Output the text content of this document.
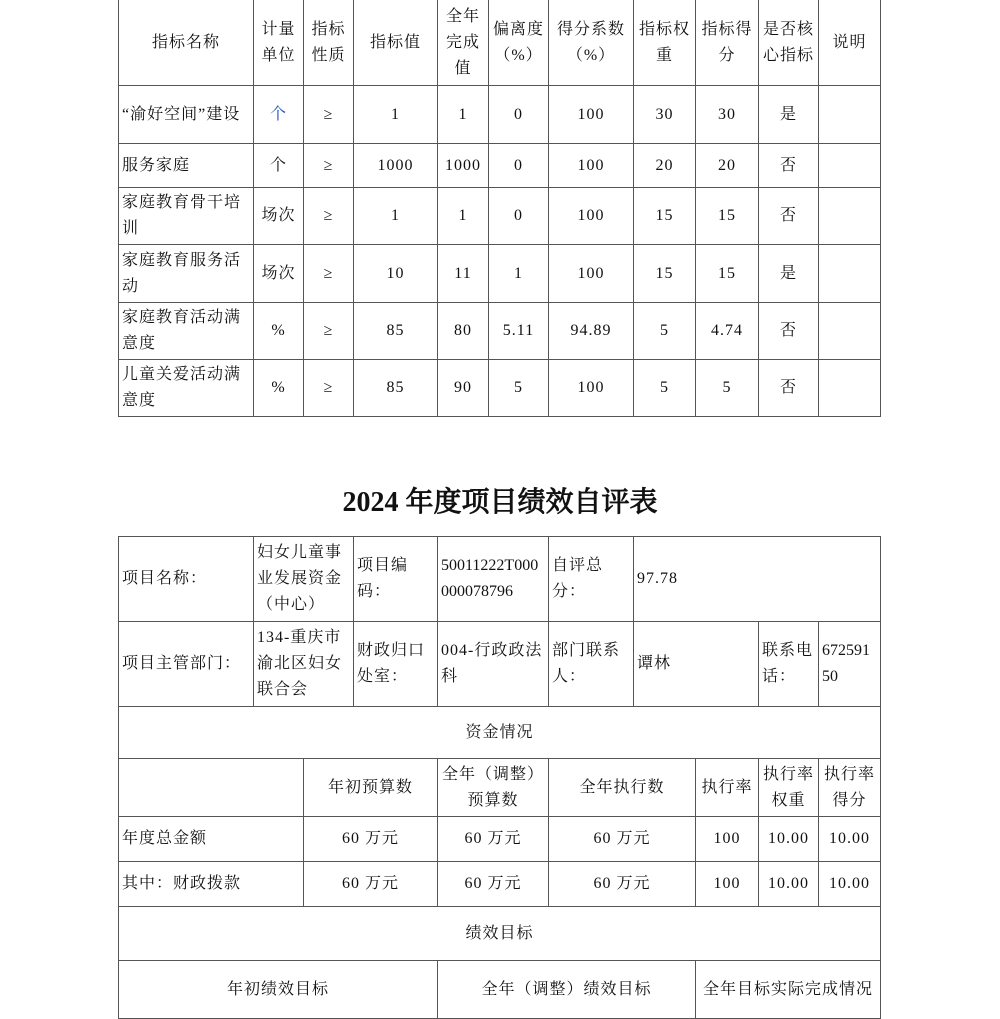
指标名称	计量单位	指标性质	指标值	全年完成值	偏离度（%）	得分系数（%）	指标权重	指标得分	是否核心指标	说明
“渝好空间”建设	个	≥	1	1	0	100	30	30	是	
服务家庭	个	≥	1000	1000	0	100	20	20	否	
家庭教育骨干培训	场次	≥	1	1	0	100	15	15	否	
家庭教育服务活动	场次	≥	10	11	1	100	15	15	是	
家庭教育活动满意度	%	≥	85	80	5.11	94.89	5	4.74	否	
儿童关爱活动满意度	%	≥	85	90	5	100	5	5	否	
2024 年度项目绩效自评表
项目名称：	妇女儿童事业发展资金（中心）		项目编码：	50011222T000000078796	自评总分：	97.78			
项目主管部门：	134-重庆市渝北区妇女联合会		财政归口处室：	004-行政政法科	部门联系人：	谭林		联系电话：	67259150
资金情况									
		年初预算数		全年（调整）预算数	全年执行数		执行率	执行率权重	执行率得分
年度总金额		60 万元		60 万元	60 万元		100	10.00	10.00
其中：财政拨款		60 万元		60 万元	60 万元		100	10.00	10.00
绩效目标									
年初绩效目标				全年（调整）绩效目标			全年目标实际完成情况		
